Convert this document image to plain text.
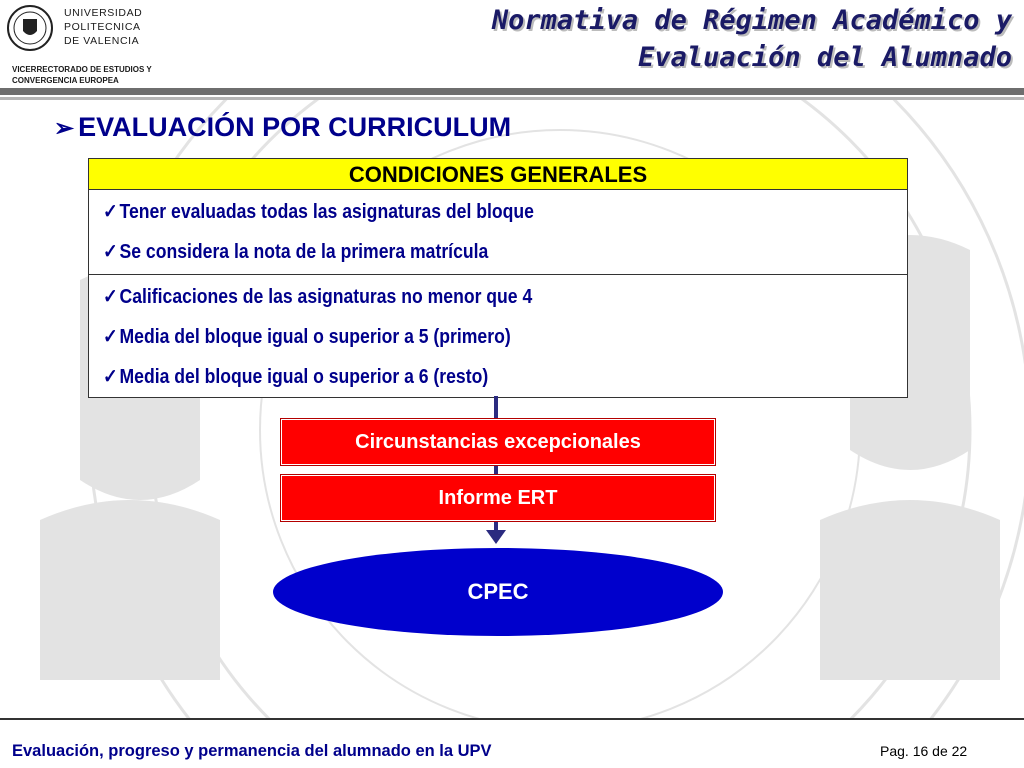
UNIVERSIDAD
POLITECNICA
DE VALENCIA
VICERRECTORADO DE ESTUDIOS Y CONVERGENCIA EUROPEA
Normativa de Régimen Académico y
Evaluación del Alumnado
➢ EVALUACIÓN POR CURRICULUM
CONDICIONES GENERALES
✓Tener evaluadas todas las asignaturas del bloque
✓Se considera la nota de la primera matrícula
✓Calificaciones de las asignaturas no menor que 4
✓Media del bloque igual o superior a 5 (primero)
✓Media del bloque igual o superior a 6 (resto)
Circunstancias excepcionales
Informe ERT
CPEC
Evaluación, progreso y permanencia del alumnado en la UPV	Pag. 16 de 22
